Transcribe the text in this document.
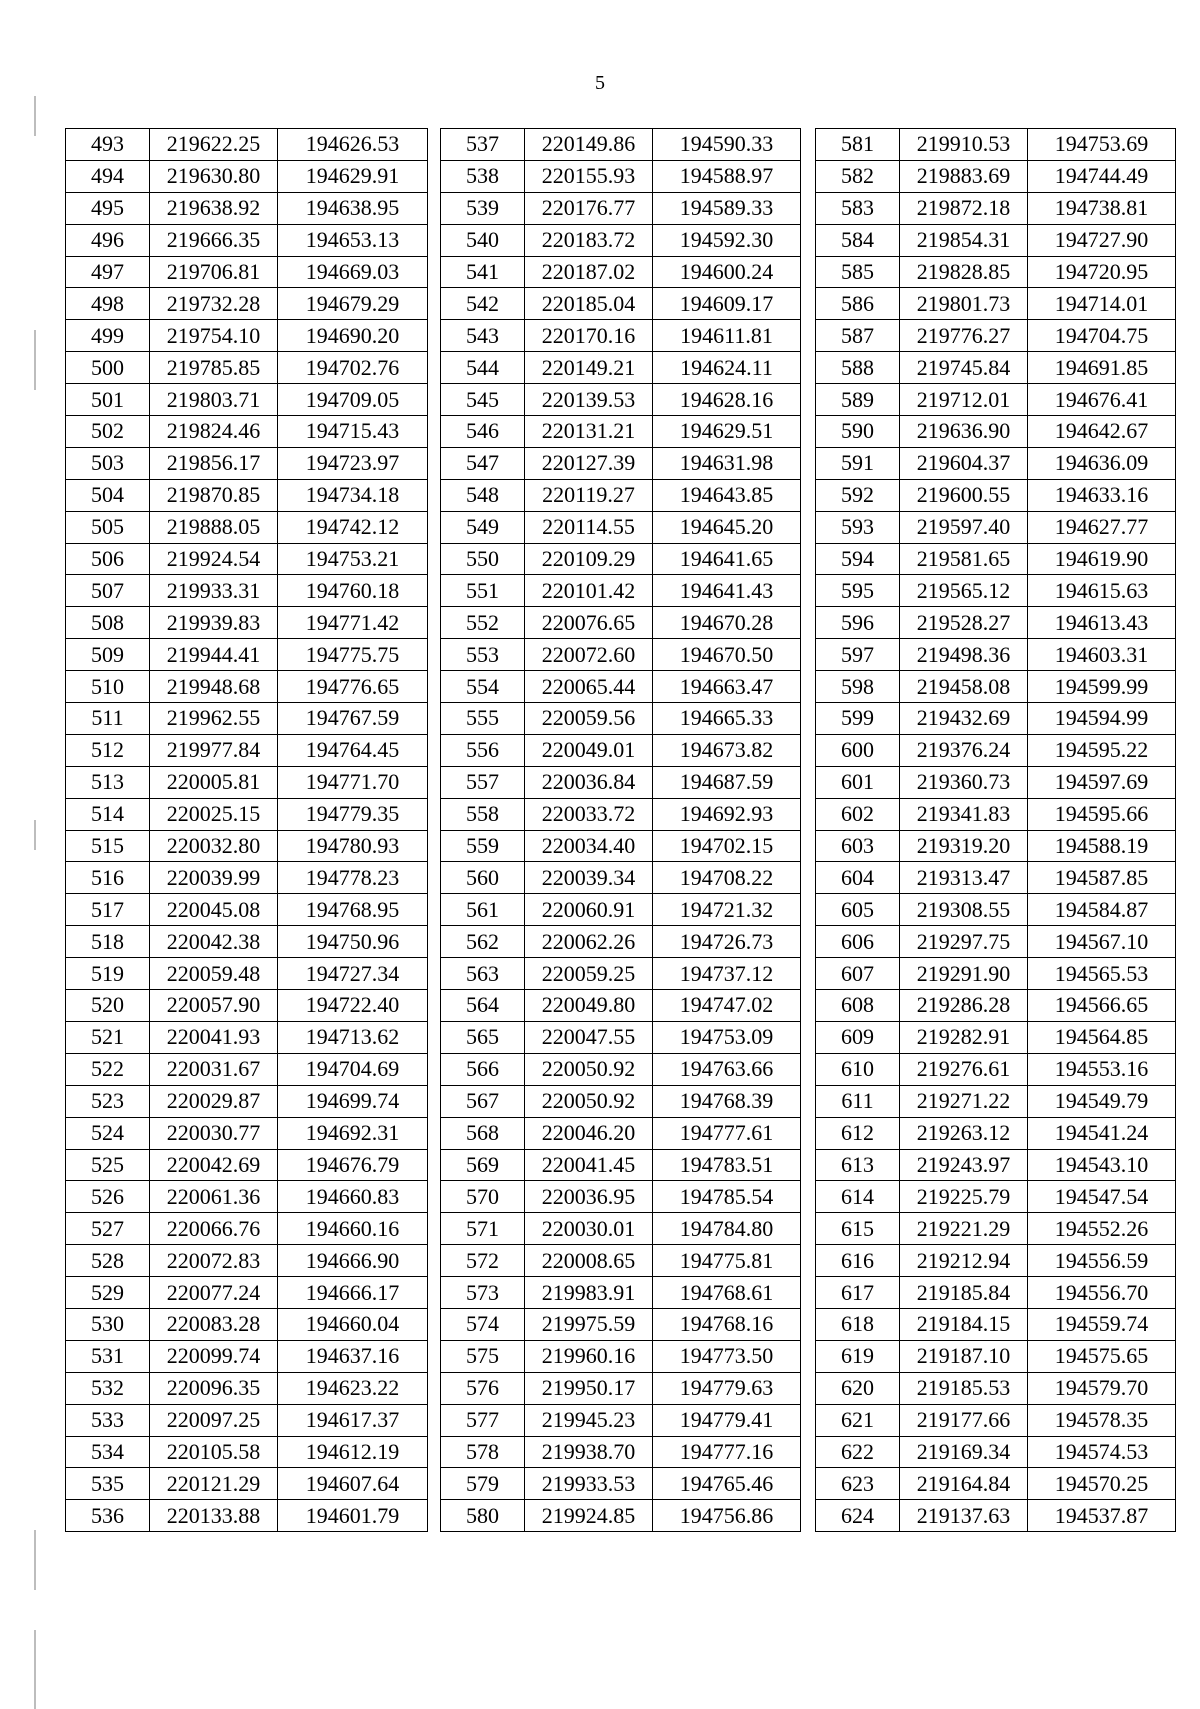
5
493	219622.25	194626.53
494	219630.80	194629.91
495	219638.92	194638.95
496	219666.35	194653.13
497	219706.81	194669.03
498	219732.28	194679.29
499	219754.10	194690.20
500	219785.85	194702.76
501	219803.71	194709.05
502	219824.46	194715.43
503	219856.17	194723.97
504	219870.85	194734.18
505	219888.05	194742.12
506	219924.54	194753.21
507	219933.31	194760.18
508	219939.83	194771.42
509	219944.41	194775.75
510	219948.68	194776.65
511	219962.55	194767.59
512	219977.84	194764.45
513	220005.81	194771.70
514	220025.15	194779.35
515	220032.80	194780.93
516	220039.99	194778.23
517	220045.08	194768.95
518	220042.38	194750.96
519	220059.48	194727.34
520	220057.90	194722.40
521	220041.93	194713.62
522	220031.67	194704.69
523	220029.87	194699.74
524	220030.77	194692.31
525	220042.69	194676.79
526	220061.36	194660.83
527	220066.76	194660.16
528	220072.83	194666.90
529	220077.24	194666.17
530	220083.28	194660.04
531	220099.74	194637.16
532	220096.35	194623.22
533	220097.25	194617.37
534	220105.58	194612.19
535	220121.29	194607.64
536	220133.88	194601.79
537	220149.86	194590.33
538	220155.93	194588.97
539	220176.77	194589.33
540	220183.72	194592.30
541	220187.02	194600.24
542	220185.04	194609.17
543	220170.16	194611.81
544	220149.21	194624.11
545	220139.53	194628.16
546	220131.21	194629.51
547	220127.39	194631.98
548	220119.27	194643.85
549	220114.55	194645.20
550	220109.29	194641.65
551	220101.42	194641.43
552	220076.65	194670.28
553	220072.60	194670.50
554	220065.44	194663.47
555	220059.56	194665.33
556	220049.01	194673.82
557	220036.84	194687.59
558	220033.72	194692.93
559	220034.40	194702.15
560	220039.34	194708.22
561	220060.91	194721.32
562	220062.26	194726.73
563	220059.25	194737.12
564	220049.80	194747.02
565	220047.55	194753.09
566	220050.92	194763.66
567	220050.92	194768.39
568	220046.20	194777.61
569	220041.45	194783.51
570	220036.95	194785.54
571	220030.01	194784.80
572	220008.65	194775.81
573	219983.91	194768.61
574	219975.59	194768.16
575	219960.16	194773.50
576	219950.17	194779.63
577	219945.23	194779.41
578	219938.70	194777.16
579	219933.53	194765.46
580	219924.85	194756.86
581	219910.53	194753.69
582	219883.69	194744.49
583	219872.18	194738.81
584	219854.31	194727.90
585	219828.85	194720.95
586	219801.73	194714.01
587	219776.27	194704.75
588	219745.84	194691.85
589	219712.01	194676.41
590	219636.90	194642.67
591	219604.37	194636.09
592	219600.55	194633.16
593	219597.40	194627.77
594	219581.65	194619.90
595	219565.12	194615.63
596	219528.27	194613.43
597	219498.36	194603.31
598	219458.08	194599.99
599	219432.69	194594.99
600	219376.24	194595.22
601	219360.73	194597.69
602	219341.83	194595.66
603	219319.20	194588.19
604	219313.47	194587.85
605	219308.55	194584.87
606	219297.75	194567.10
607	219291.90	194565.53
608	219286.28	194566.65
609	219282.91	194564.85
610	219276.61	194553.16
611	219271.22	194549.79
612	219263.12	194541.24
613	219243.97	194543.10
614	219225.79	194547.54
615	219221.29	194552.26
616	219212.94	194556.59
617	219185.84	194556.70
618	219184.15	194559.74
619	219187.10	194575.65
620	219185.53	194579.70
621	219177.66	194578.35
622	219169.34	194574.53
623	219164.84	194570.25
624	219137.63	194537.87
